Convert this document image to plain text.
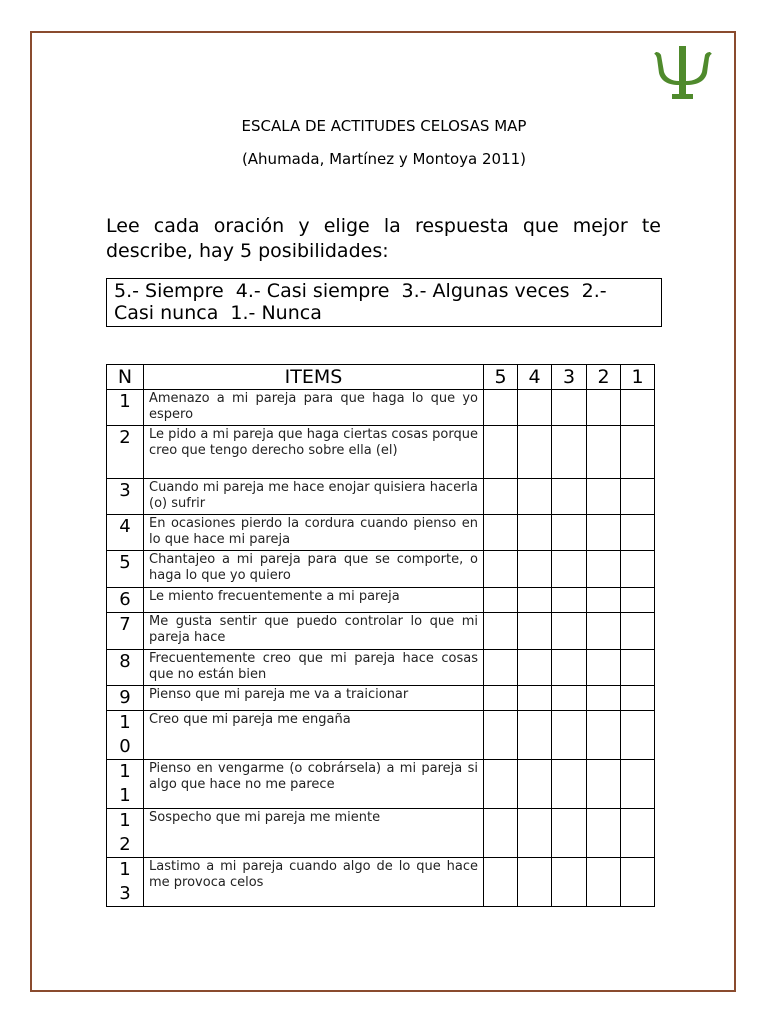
ESCALA DE ACTITUDES CELOSAS MAP
(Ahumada, Martínez y Montoya 2011)
Lee cada oración y elige la respuesta que mejor te
describe, hay 5 posibilidades:
5.- Siempre  4.- Casi siempre  3.- Algunas veces  2.-
Casi nunca  1.- Nunca
N	ITEMS	5	4	3	2	1
1	Amenazo a mi pareja para que haga lo que yo espero					
2	Le pido a mi pareja que haga ciertas cosas porque creo que tengo derecho sobre ella (el)					
3	Cuando mi pareja me hace enojar quisiera hacerla (o) sufrir					
4	En ocasiones pierdo la cordura cuando pienso en lo que hace mi pareja					
5	Chantajeo a mi pareja para que se comporte, o haga lo que yo quiero					
6	Le miento frecuentemente a mi pareja					
7	Me gusta sentir que puedo controlar lo que mi pareja hace					
8	Frecuentemente creo que mi pareja hace cosas que no están bien					
9	Pienso que mi pareja me va a traicionar					
10	Creo que mi pareja me engaña					
11	Pienso en vengarme (o cobrársela) a mi pareja si algo que hace no me parece					
12	Sospecho que mi pareja me miente					
13	Lastimo a mi pareja cuando algo de lo que hace me provoca celos					
